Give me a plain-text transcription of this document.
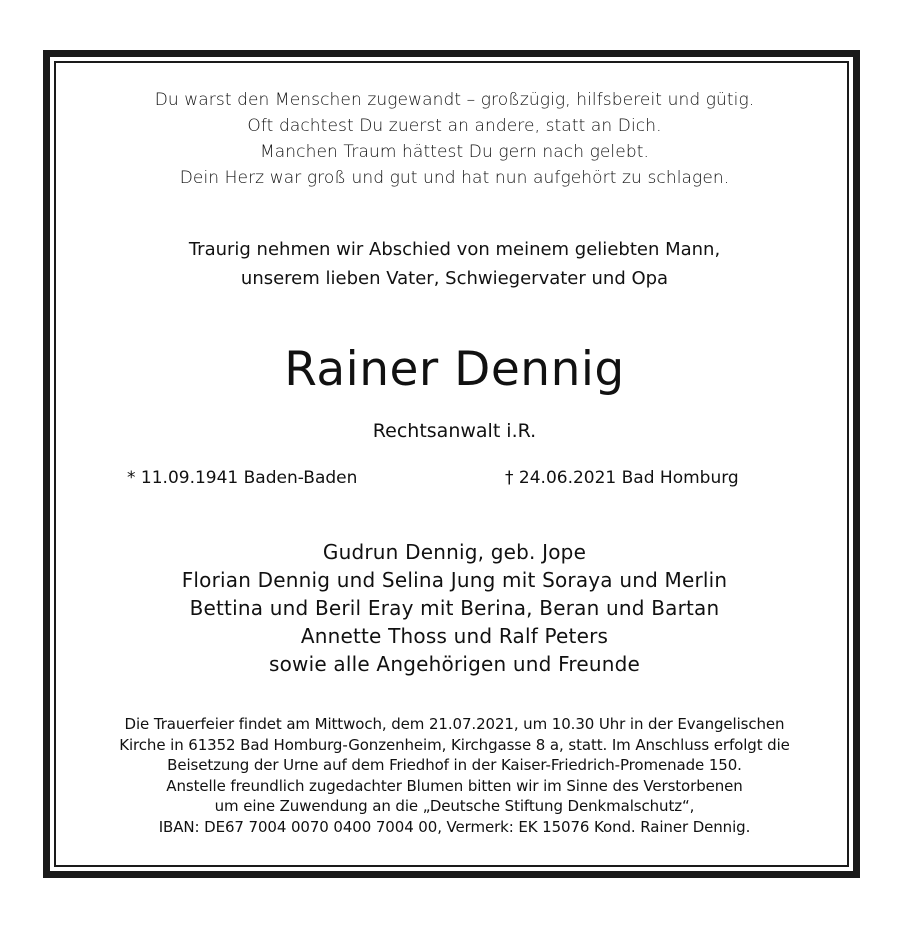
Du warst den Menschen zugewandt – großzügig, hilfsbereit und gütig.
Oft dachtest Du zuerst an andere, statt an Dich.
Manchen Traum hättest Du gern nach gelebt.
Dein Herz war groß und gut und hat nun aufgehört zu schlagen.
Traurig nehmen wir Abschied von meinem geliebten Mann,
unserem lieben Vater, Schwiegervater und Opa
Rainer Dennig
Rechtsanwalt i.R.
* 11.09.1941 Baden-Baden	† 24.06.2021 Bad Homburg
Gudrun Dennig, geb. Jope
Florian Dennig und Selina Jung mit Soraya und Merlin
Bettina und Beril Eray mit Berina, Beran und Bartan
Annette Thoss und Ralf Peters
sowie alle Angehörigen und Freunde
Die Trauerfeier findet am Mittwoch, dem 21.07.2021, um 10.30 Uhr in der Evangelischen
Kirche in 61352 Bad Homburg-Gonzenheim, Kirchgasse 8 a, statt. Im Anschluss erfolgt die
Beisetzung der Urne auf dem Friedhof in der Kaiser-Friedrich-Promenade 150.
Anstelle freundlich zugedachter Blumen bitten wir im Sinne des Verstorbenen
um eine Zuwendung an die „Deutsche Stiftung Denkmalschutz“,
IBAN: DE67 7004 0070 0400 7004 00, Vermerk: EK 15076 Kond. Rainer Dennig.
